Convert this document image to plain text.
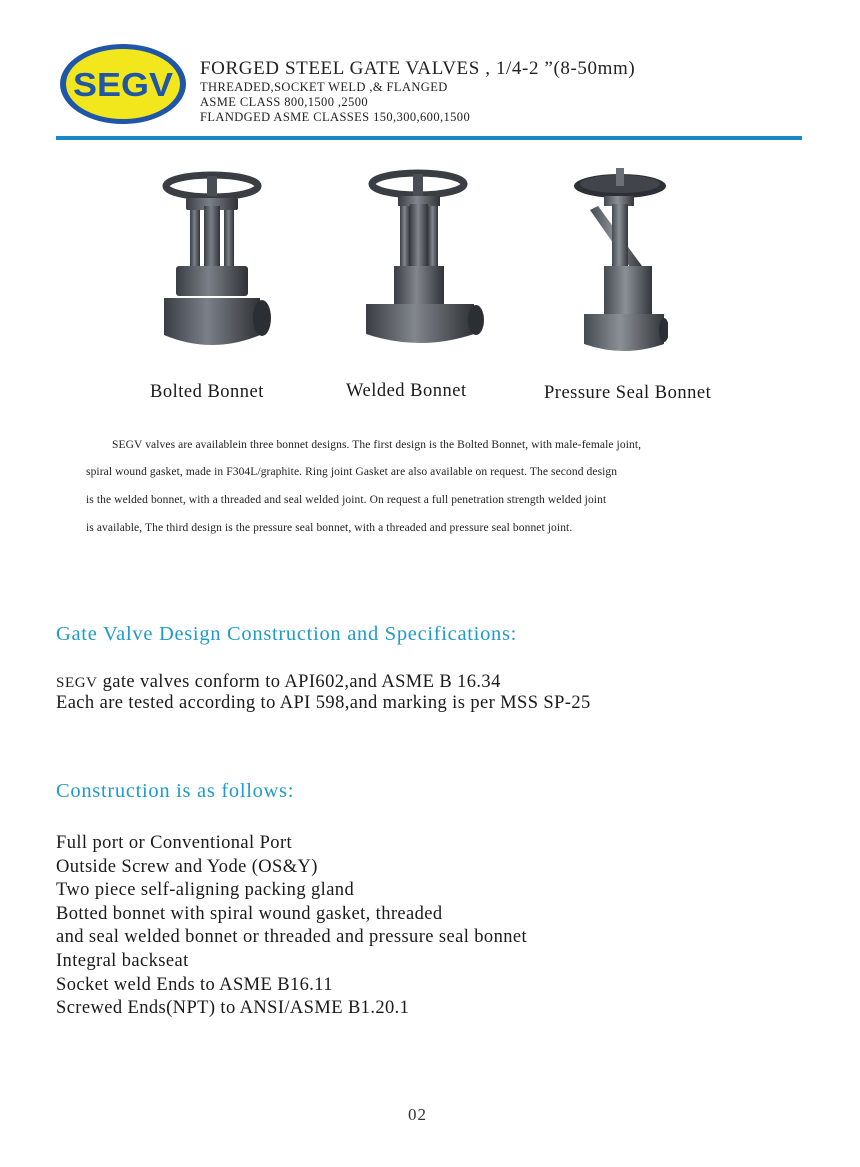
SEGV FORGED STEEL GATE VALVES , 1/4-2 ”(8-50mm)
THREADED,SOCKET WELD ,& FLANGED
ASME CLASS 800,1500 ,2500
FLANDGED ASME CLASSES 150,300,600,1500
Bolted Bonnet	Welded Bonnet	Pressure Seal Bonnet
SEGV valves are availablein three bonnet designs. The first design is the Bolted Bonnet, with male-female joint,
spiral wound gasket, made in F304L/graphite. Ring joint Gasket are also available on request. The second design
is the welded bonnet, with a threaded and seal welded joint. On request a full penetration strength welded joint
is available, The third design is the pressure seal bonnet, with a threaded and pressure seal bonnet joint.
Gate Valve Design Construction and Specifications:
SEGV gate valves conform to API602,and ASME B 16.34
Each are tested according to API 598,and marking is per MSS SP-25
Construction is as follows:
Full port or Conventional Port
Outside Screw and Yode (OS&Y)
Two piece self-aligning packing gland
Botted bonnet with spiral wound gasket, threaded
and seal welded bonnet or threaded and pressure seal bonnet
Integral backseat
Socket weld Ends to ASME B16.11
Screwed Ends(NPT) to ANSI/ASME B1.20.1
02
